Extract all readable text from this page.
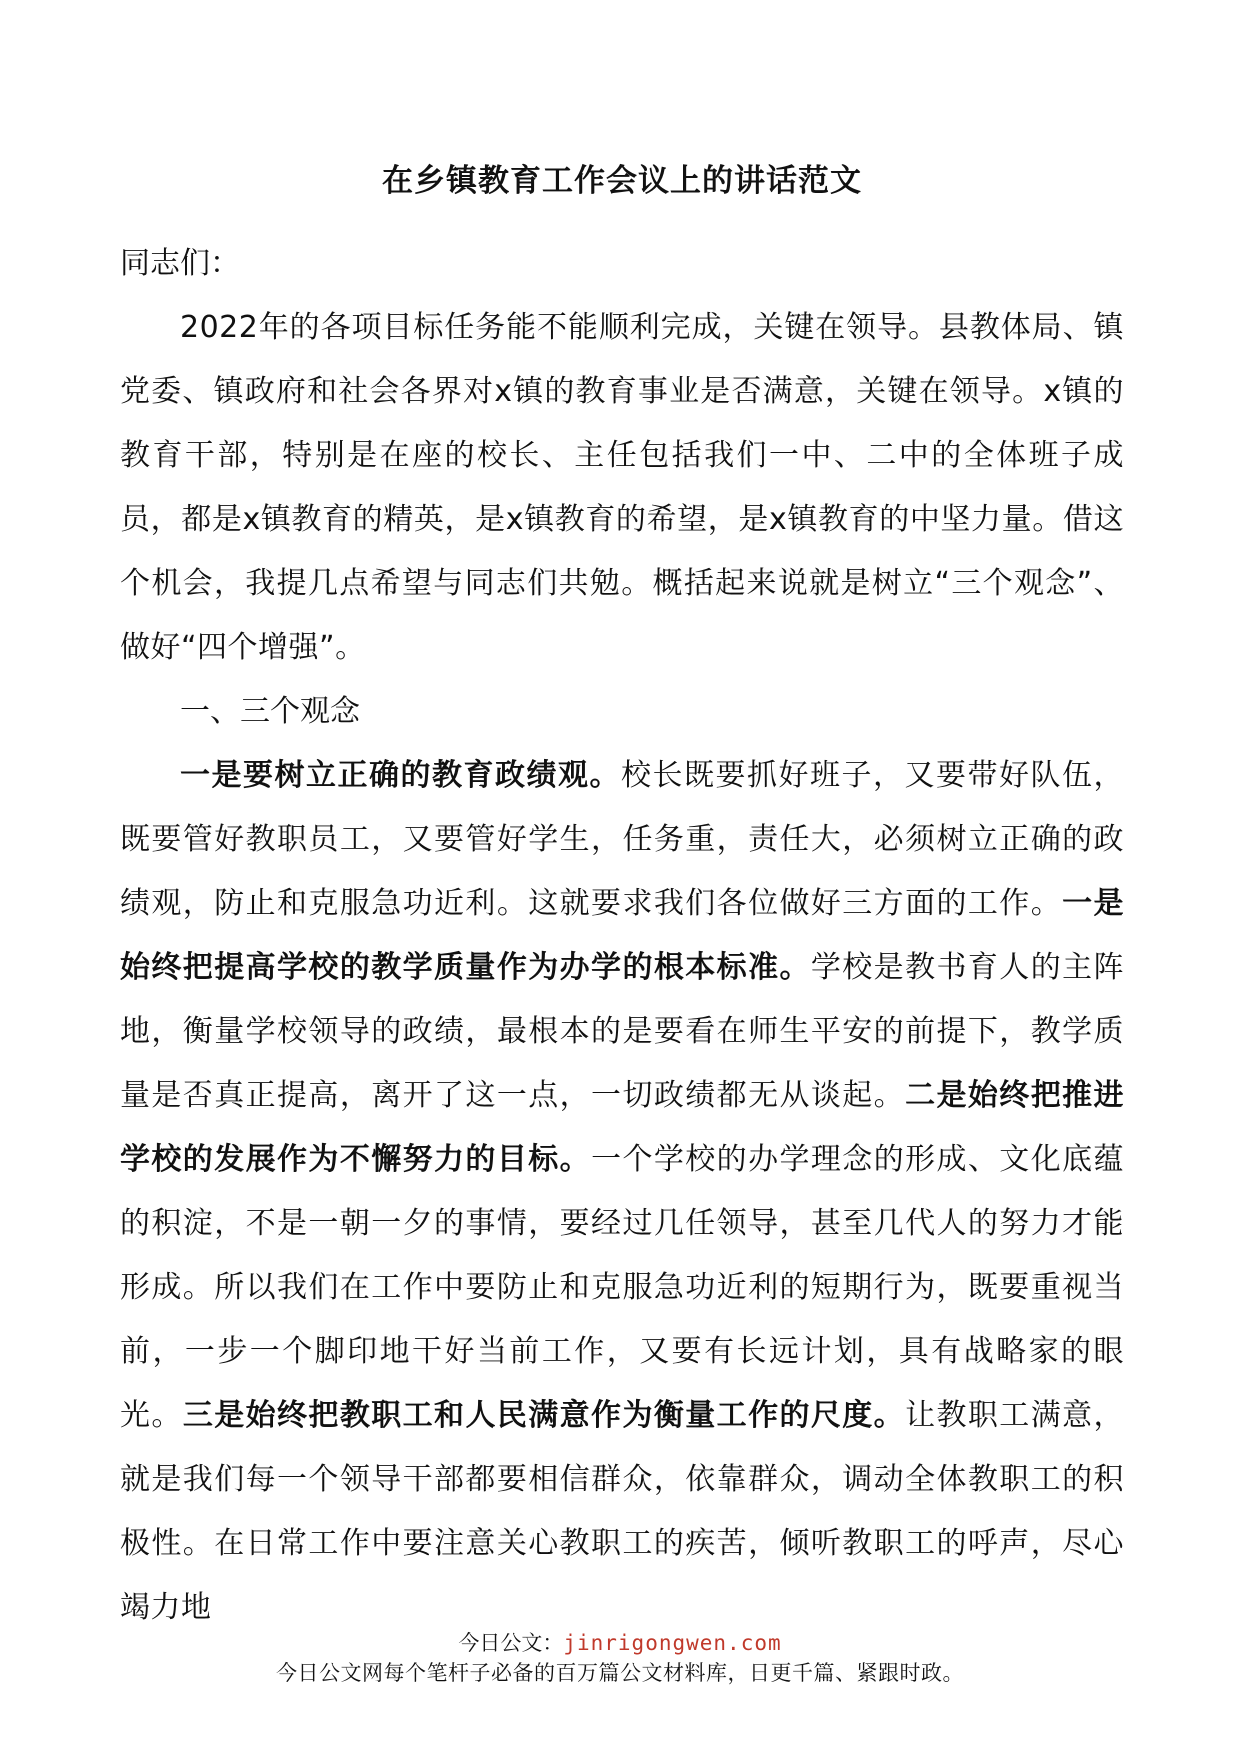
在乡镇教育工作会议上的讲话范文

同志们：

2022年的各项目标任务能不能顺利完成，关键在领导。县教体局、镇党委、镇政府和社会各界对x镇的教育事业是否满意，关键在领导。x镇的教育干部，特别是在座的校长、主任包括我们一中、二中的全体班子成员，都是x镇教育的精英，是x镇教育的希望，是x镇教育的中坚力量。借这个机会，我提几点希望与同志们共勉。概括起来说就是树立“三个观念”、做好“四个增强”。

一、三个观念

一是要树立正确的教育政绩观。校长既要抓好班子，又要带好队伍，既要管好教职员工，又要管好学生，任务重，责任大，必须树立正确的政绩观，防止和克服急功近利。这就要求我们各位做好三方面的工作。一是始终把提高学校的教学质量作为办学的根本标准。学校是教书育人的主阵地，衡量学校领导的政绩，最根本的是要看在师生平安的前提下，教学质量是否真正提高，离开了这一点，一切政绩都无从谈起。二是始终把推进学校的发展作为不懈努力的目标。一个学校的办学理念的形成、文化底蕴的积淀，不是一朝一夕的事情，要经过几任领导，甚至几代人的努力才能形成。所以我们在工作中要防止和克服急功近利的短期行为，既要重视当前，一步一个脚印地干好当前工作，又要有长远计划，具有战略家的眼光。三是始终把教职工和人民满意作为衡量工作的尺度。让教职工满意，就是我们每一个领导干部都要相信群众，依靠群众，调动全体教职工的积极性。在日常工作中要注意关心教职工的疾苦，倾听教职工的呼声，尽心竭力地

今日公文：jinrigongwen.com
今日公文网每个笔杆子必备的百万篇公文材料库，日更千篇、紧跟时政。
